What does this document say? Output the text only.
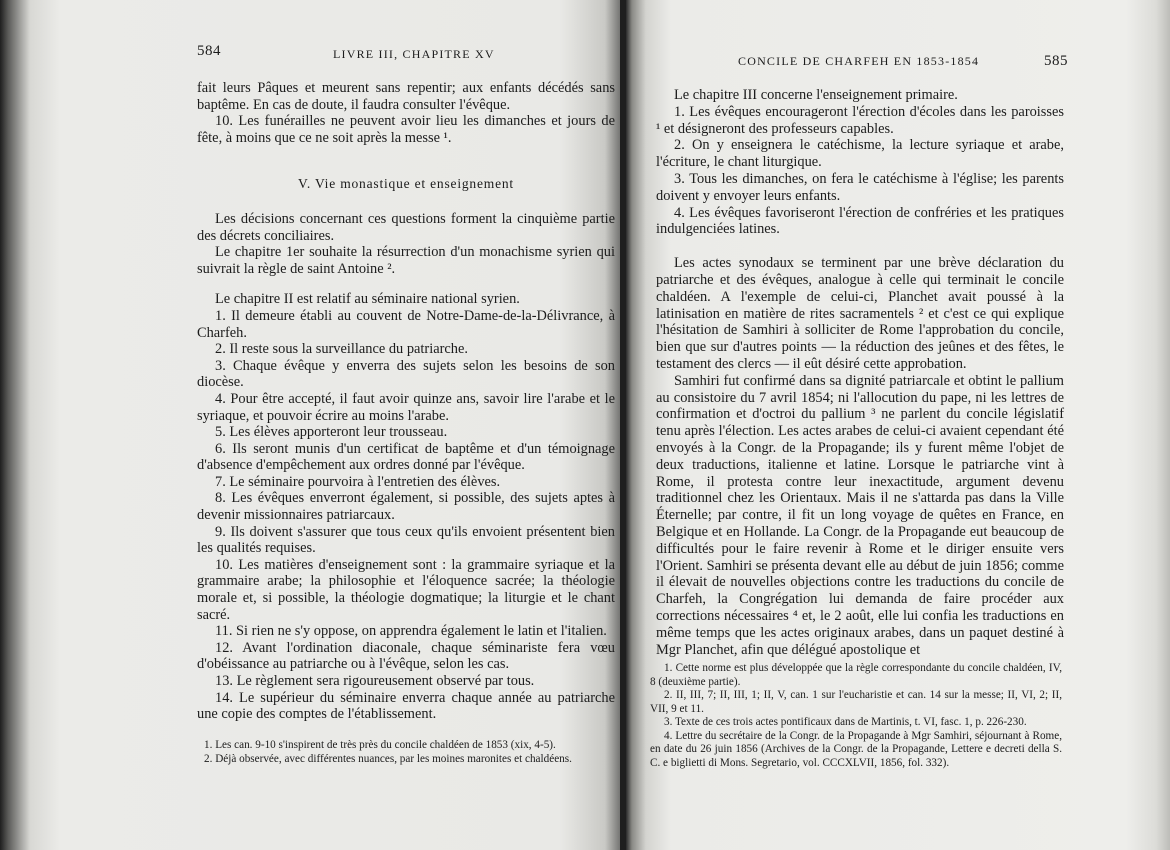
584	LIVRE III, CHAPITRE XV

fait leurs Pâques et meurent sans repentir; aux enfants décédés sans baptême. En cas de doute, il faudra consulter l'évêque.

10. Les funérailles ne peuvent avoir lieu les dimanches et jours de fête, à moins que ce ne soit après la messe ¹.

V. Vie monastique et enseignement

Les décisions concernant ces questions forment la cinquième partie des décrets conciliaires.

Le chapitre 1er souhaite la résurrection d'un monachisme syrien qui suivrait la règle de saint Antoine ².

Le chapitre II est relatif au séminaire national syrien.

1. Il demeure établi au couvent de Notre-Dame-de-la-Délivrance, à Charfeh.

2. Il reste sous la surveillance du patriarche.

3. Chaque évêque y enverra des sujets selon les besoins de son diocèse.

4. Pour être accepté, il faut avoir quinze ans, savoir lire l'arabe et le syriaque, et pouvoir écrire au moins l'arabe.

5. Les élèves apporteront leur trousseau.

6. Ils seront munis d'un certificat de baptême et d'un témoignage d'absence d'empêchement aux ordres donné par l'évêque.

7. Le séminaire pourvoira à l'entretien des élèves.

8. Les évêques enverront également, si possible, des sujets aptes à devenir missionnaires patriarcaux.

9. Ils doivent s'assurer que tous ceux qu'ils envoient présentent bien les qualités requises.

10. Les matières d'enseignement sont : la grammaire syriaque et la grammaire arabe; la philosophie et l'éloquence sacrée; la théologie morale et, si possible, la théologie dogmatique; la liturgie et le chant sacré.

11. Si rien ne s'y oppose, on apprendra également le latin et l'italien.

12. Avant l'ordination diaconale, chaque séminariste fera vœu d'obéissance au patriarche ou à l'évêque, selon les cas.

13. Le règlement sera rigoureusement observé par tous.

14. Le supérieur du séminaire enverra chaque année au patriarche une copie des comptes de l'établissement.

1. Les can. 9-10 s'inspirent de très près du concile chaldéen de 1853 (xix, 4-5).

2. Déjà observée, avec différentes nuances, par les moines maronites et chaldéens.

CONCILE DE CHARFEH EN 1853-1854	585

Le chapitre III concerne l'enseignement primaire.

1. Les évêques encourageront l'érection d'écoles dans les paroisses ¹ et désigneront des professeurs capables.

2. On y enseignera le catéchisme, la lecture syriaque et arabe, l'écriture, le chant liturgique.

3. Tous les dimanches, on fera le catéchisme à l'église; les parents doivent y envoyer leurs enfants.

4. Les évêques favoriseront l'érection de confréries et les pratiques indulgenciées latines.

Les actes synodaux se terminent par une brève déclaration du patriarche et des évêques, analogue à celle qui terminait le concile chaldéen. A l'exemple de celui-ci, Planchet avait poussé à la latinisation en matière de rites sacramentels ² et c'est ce qui explique l'hésitation de Samhiri à solliciter de Rome l'approbation du concile, bien que sur d'autres points — la réduction des jeûnes et des fêtes, le testament des clercs — il eût désiré cette approbation.

Samhiri fut confirmé dans sa dignité patriarcale et obtint le pallium au consistoire du 7 avril 1854; ni l'allocution du pape, ni les lettres de confirmation et d'octroi du pallium ³ ne parlent du concile législatif tenu après l'élection. Les actes arabes de celui-ci avaient cependant été envoyés à la Congr. de la Propagande; ils y furent même l'objet de deux traductions, italienne et latine. Lorsque le patriarche vint à Rome, il protesta contre leur inexactitude, argument devenu traditionnel chez les Orientaux. Mais il ne s'attarda pas dans la Ville Éternelle; par contre, il fit un long voyage de quêtes en France, en Belgique et en Hollande. La Congr. de la Propagande eut beaucoup de difficultés pour le faire revenir à Rome et le diriger ensuite vers l'Orient. Samhiri se présenta devant elle au début de juin 1856; comme il élevait de nouvelles objections contre les traductions du concile de Charfeh, la Congrégation lui demanda de faire procéder aux corrections nécessaires ⁴ et, le 2 août, elle lui confia les traductions en même temps que les actes originaux arabes, dans un paquet destiné à Mgr Planchet, afin que délégué apostolique et

1. Cette norme est plus développée que la règle correspondante du concile chaldéen, IV, 8 (deuxième partie).

2. II, III, 7; II, III, 1; II, V, can. 1 sur l'eucharistie et can. 14 sur la messe; II, VI, 2; II, VII, 9 et 11.

3. Texte de ces trois actes pontificaux dans de Martinis, t. VI, fasc. 1, p. 226-230.

4. Lettre du secrétaire de la Congr. de la Propagande à Mgr Samhiri, séjournant à Rome, en date du 26 juin 1856 (Archives de la Congr. de la Propagande, Lettere e decreti della S. C. e biglietti di Mons. Segretario, vol. CCCXLVII, 1856, fol. 332).
